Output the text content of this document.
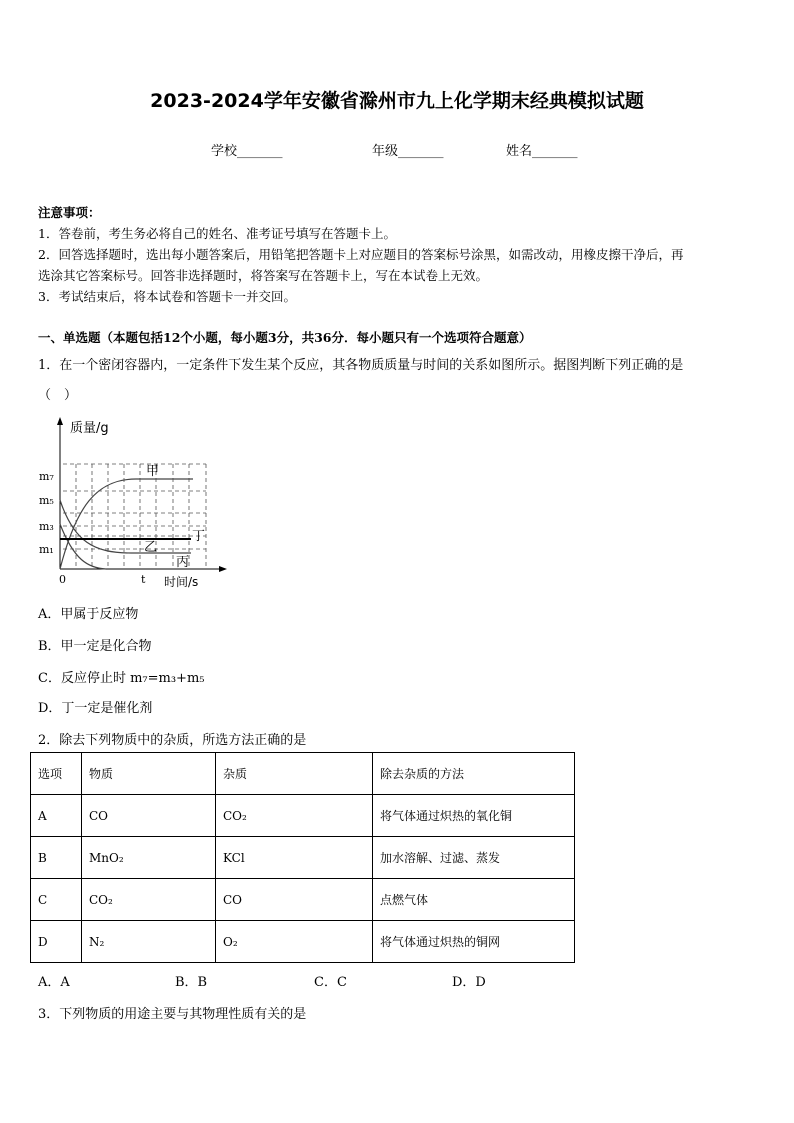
2023-2024学年安徽省滁州市九上化学期末经典模拟试题
学校_______	年级_______	姓名_______
注意事项：
1．答卷前，考生务必将自己的姓名、准考证号填写在答题卡上。
2．回答选择题时，选出每小题答案后，用铅笔把答题卡上对应题目的答案标号涂黑，如需改动，用橡皮擦干净后，再
选涂其它答案标号。回答非选择题时，将答案写在答题卡上，写在本试卷上无效。
3．考试结束后，将本试卷和答题卡一并交回。
一、单选题（本题包括12个小题，每小题3分，共36分．每小题只有一个选项符合题意）
1．在一个密闭容器内，一定条件下发生某个反应，其各物质质量与时间的关系如图所示。据图判断下列正确的是
（　）
质量/g
时间/s
0	t
m₇
m₅
m₃
m₁
甲
乙
丙
丁
A．甲属于反应物
B．甲一定是化合物
C．反应停止时 m₇=m₃+m₅
D．丁一定是催化剂
2．除去下列物质中的杂质，所选方法正确的是
选项	物质	杂质	除去杂质的方法
A	CO	CO₂	将气体通过炽热的氧化铜
B	MnO₂	KCl	加水溶解、过滤、蒸发
C	CO₂	CO	点燃气体
D	N₂	O₂	将气体通过炽热的铜网
A．A	B．B	C．C	D．D
3．下列物质的用途主要与其物理性质有关的是
